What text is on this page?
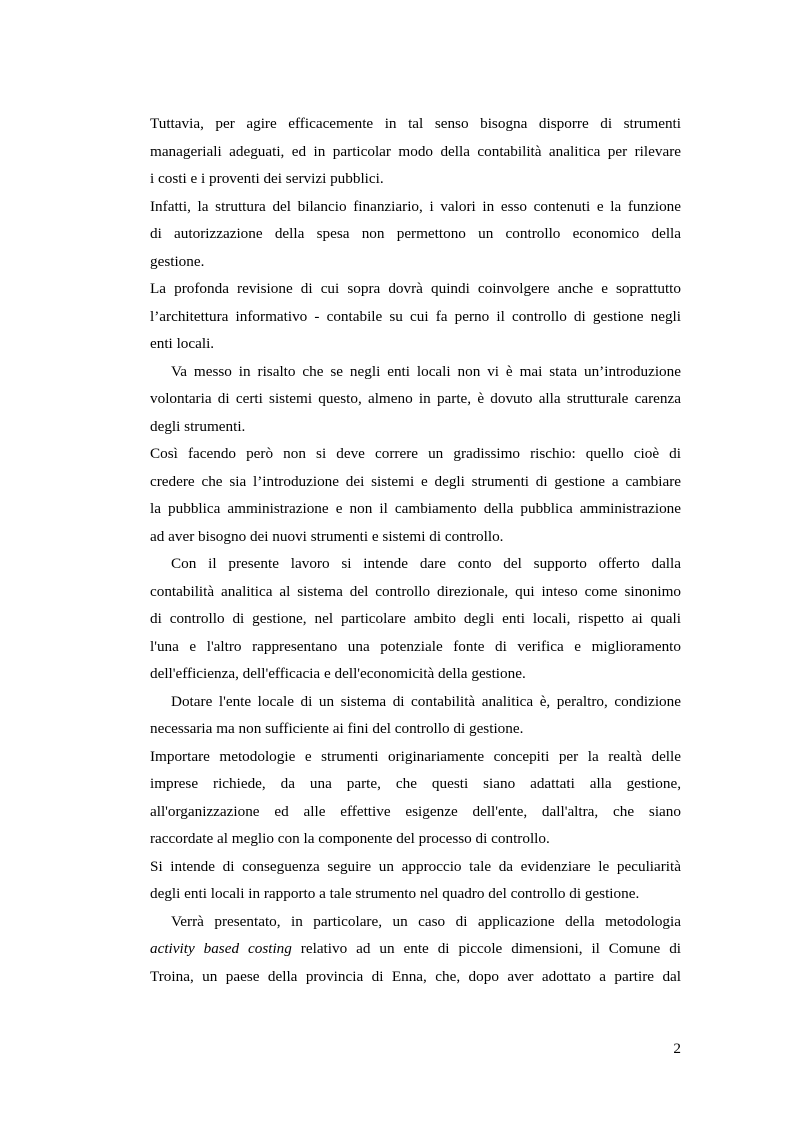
Tuttavia, per agire efficacemente in tal senso bisogna disporre di strumenti
manageriali adeguati, ed in particolar modo della contabilità analitica per rilevare
i costi e i proventi dei servizi pubblici.
Infatti, la struttura del bilancio finanziario, i valori in esso contenuti e la funzione
di autorizzazione della spesa non permettono un controllo economico della
gestione.
La profonda revisione di cui sopra dovrà quindi coinvolgere anche e soprattutto
l’architettura informativo - contabile su cui fa perno il controllo di gestione negli
enti locali.
Va messo in risalto che se negli enti locali non vi è mai stata un’introduzione
volontaria di certi sistemi questo, almeno in parte, è dovuto alla strutturale carenza
degli strumenti.
Così facendo però non si deve correre un gradissimo rischio: quello cioè di
credere che sia l’introduzione dei sistemi e degli strumenti di gestione a cambiare
la pubblica amministrazione e non il cambiamento della pubblica amministrazione
ad aver bisogno dei nuovi strumenti e sistemi di controllo.
Con il presente lavoro si intende dare conto del supporto offerto dalla
contabilità analitica al sistema del controllo direzionale, qui inteso come sinonimo
di controllo di gestione, nel particolare ambito degli enti locali, rispetto ai quali
l'una e l'altro rappresentano una potenziale fonte di verifica e miglioramento
dell'efficienza, dell'efficacia e dell'economicità della gestione.
Dotare l'ente locale di un sistema di contabilità analitica è, peraltro, condizione
necessaria ma non sufficiente ai fini del controllo di gestione.
Importare metodologie e strumenti originariamente concepiti per la realtà delle
imprese richiede, da una parte, che questi siano adattati alla gestione,
all'organizzazione ed alle effettive esigenze dell'ente, dall'altra, che siano
raccordate al meglio con la componente del processo di controllo.
Si intende di conseguenza seguire un approccio tale da evidenziare le peculiarità
degli enti locali in rapporto a tale strumento nel quadro del controllo di gestione.
Verrà presentato, in particolare, un caso di applicazione della metodologia
activity based costing relativo ad un ente di piccole dimensioni, il Comune di
Troina, un paese della provincia di Enna, che, dopo aver adottato a partire dal
2
